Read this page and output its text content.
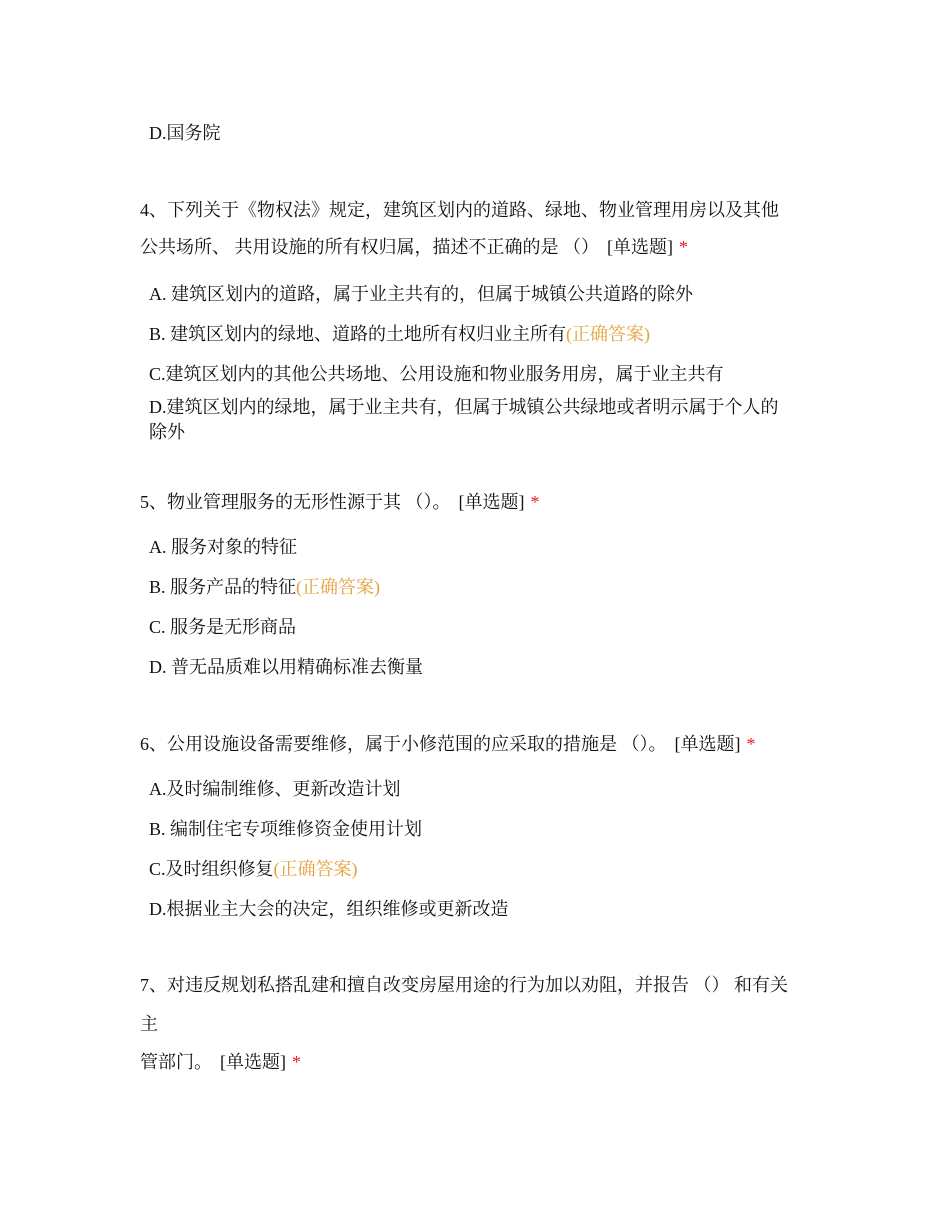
D.国务院
4、下列关于《物权法》规定，建筑区划内的道路、绿地、物业管理用房以及其他
公共场所、 共用设施的所有权归属，描述不正确的是 （） [单选题] *
A. 建筑区划内的道路，属于业主共有的，但属于城镇公共道路的除外
B. 建筑区划内的绿地、道路的土地所有权归业主所有(正确答案)
C.建筑区划内的其他公共场地、公用设施和物业服务用房，属于业主共有
D.建筑区划内的绿地，属于业主共有，但属于城镇公共绿地或者明示属于个人的
除外
5、物业管理服务的无形性源于其 （）。 [单选题] *
A. 服务对象的特征
B. 服务产品的特征(正确答案)
C. 服务是无形商品
D. 普无品质难以用精确标准去衡量
6、公用设施设备需要维修，属于小修范围的应采取的措施是 （）。 [单选题] *
A.及时编制维修、更新改造计划
B. 编制住宅专项维修资金使用计划
C.及时组织修复(正确答案)
D.根据业主大会的决定，组织维修或更新改造
7、对违反规划私搭乱建和擅自改变房屋用途的行为加以劝阻，并报告 （） 和有关
主
管部门。 [单选题] *
